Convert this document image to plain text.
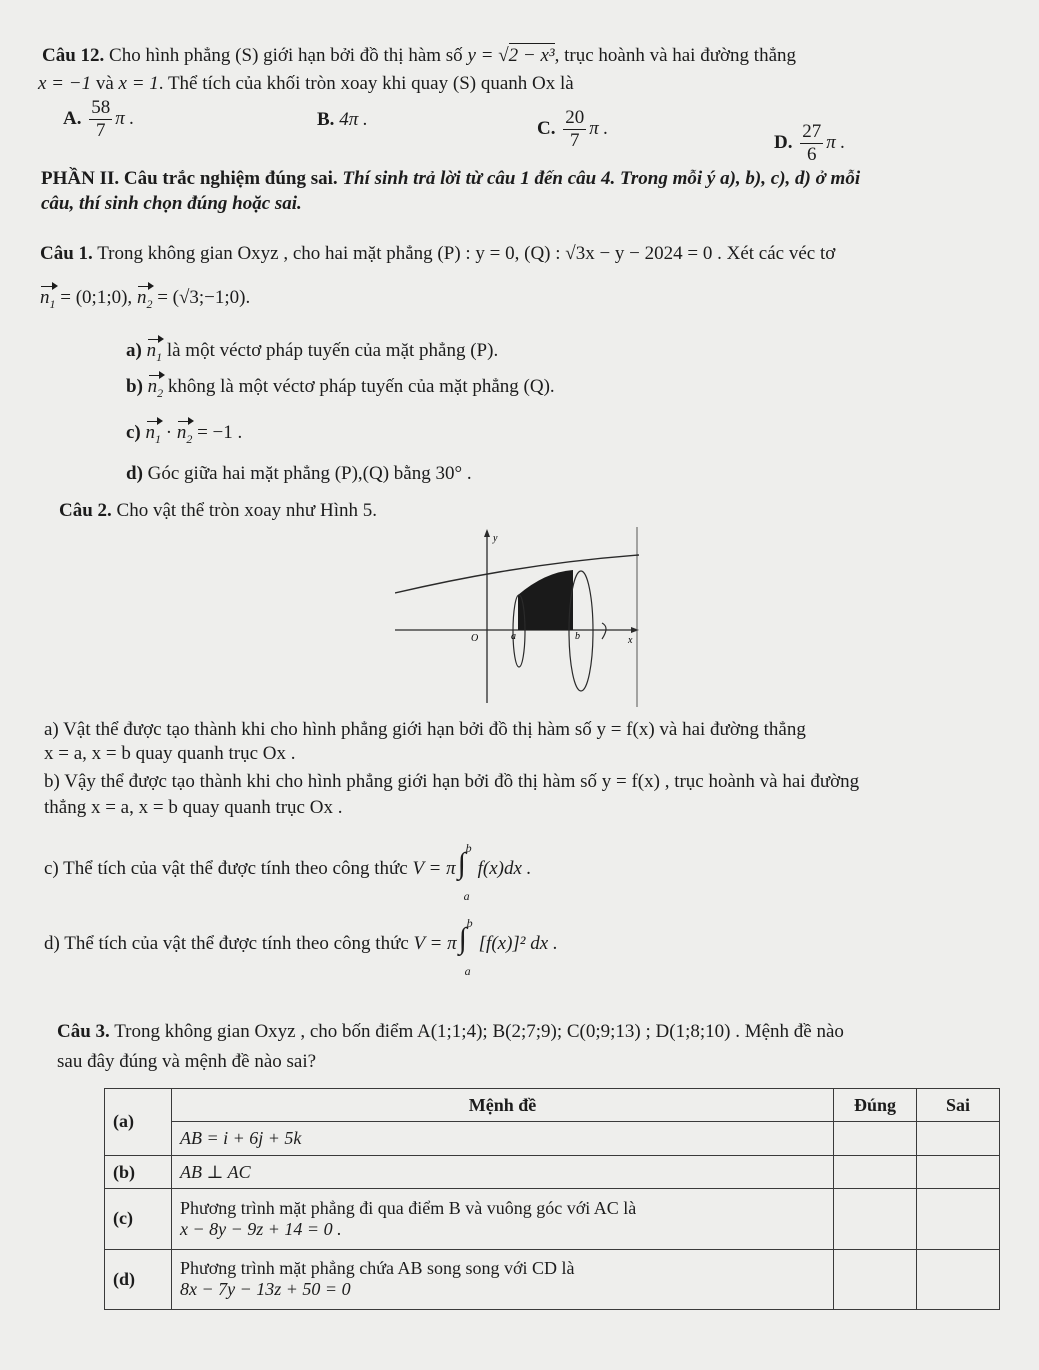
Câu 12. Cho hình phẳng (S) giới hạn bởi đồ thị hàm số y = √2 − x³, trục hoành và hai đường thẳng
x = −1 và x = 1. Thể tích của khối tròn xoay khi quay (S) quanh Ox là
A. $\frac{58}{7}$ π .	B. 4π .	C. $\frac{20}{7}$ π .
D. $\frac{27}{6}$ π .
PHẦN II. Câu trắc nghiệm đúng sai. Thí sinh trả lời từ câu 1 đến câu 4. Trong mỗi ý a), b), c), d) ở mỗi
câu, thí sinh chọn đúng hoặc sai.
Câu 1. Trong không gian Oxyz , cho hai mặt phẳng (P) : y = 0, (Q) : √3x − y − 2024 = 0 . Xét các véc tơ
$n_1$ = (0;1;0), $n_2$ = (√3;−1;0).
a) $n_1$ là một véctơ pháp tuyến của mặt phẳng (P).
b) $n_2$ không là một véctơ pháp tuyến của mặt phẳng (Q).
c) $n_1 \cdot n_2 = -1$ .
d) Góc giữa hai mặt phẳng (P),(Q) bằng 30° .
Câu 2. Cho vật thể tròn xoay như Hình 5.
y
O	a	b	x
a) Vật thể được tạo thành khi cho hình phẳng giới hạn bởi đồ thị hàm số y = f(x) và hai đường thẳng
x = a, x = b quay quanh trục Ox .
b) Vậy thể được tạo thành khi cho hình phẳng giới hạn bởi đồ thị hàm số y = f(x) , trục hoành và hai đường
thẳng x = a, x = b quay quanh trục Ox .
c) Thể tích của vật thể được tính theo công thức V = π ∫ b
a
f(x)dx .
d) Thể tích của vật thể được tính theo công thức V = π ∫ b
a
[f(x)]² dx .
Câu 3. Trong không gian Oxyz , cho bốn điểm A(1;1;4); B(2;7;9); C(0;9;13) ; D(1;8;10) . Mệnh đề nào
sau đây đúng và mệnh đề nào sai?
(a)	Mệnh đề	Đúng	Sai
	AB = i + 6j + 5k		
(b)	AB ⊥ AC		
(c)	Phương trình mặt phẳng đi qua điểm B và vuông góc với AC là
x − 8y − 9z + 14 = 0 .		

(d)	Phương trình mặt phẳng chứa AB song song với CD là
8x − 7y − 13z + 50 = 0		
